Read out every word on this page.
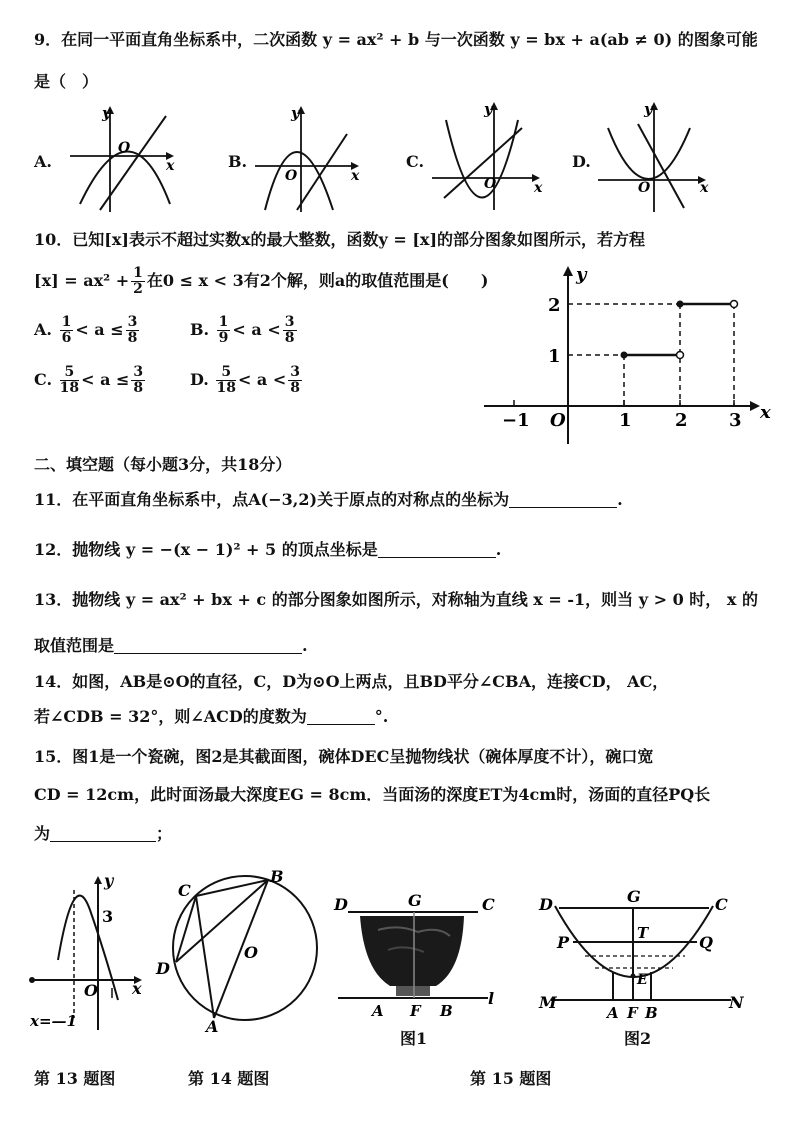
9．在同一平面直角坐标系中，二次函数 y = ax² + b 与一次函数 y = bx + a(ab ≠ 0) 的图象可能
是（　）
A.
y
O
x	B.
y
O	x
C.
y
O	x
D.
y
O	x
10．已知[x]表示不超过实数x的最大整数，函数y = [x]的部分图象如图所示，若方程
$[x] = ax^2 + \frac{1}{2}$ 在0 ≤ x < 3有2个解，则a的取值范围是(　　)
A. $\frac{1}{6} < a \le \frac{3}{8}$	B. $\frac{1}{9} < a < \frac{3}{8}$
C. $\frac{5}{18} < a \le \frac{3}{8}$	D. $\frac{5}{18} < a < \frac{3}{8}$
y
x
1
2
−1 O	1 2 3
二、填空题（每小题3分，共18分）
11．在平面直角坐标系中，点A(−3,2)关于原点的对称点的坐标为	.
12．抛物线 y = −(x − 1)² + 5 的顶点坐标是	.
13．抛物线 y = ax² + bx + c 的部分图象如图所示，对称轴为直线 x = -1，则当 y > 0 时， x 的
取值范围是	.
14．如图，AB是⊙O的直径，C，D为⊙O上两点，且BD平分∠CBA，连接CD， AC，
若∠CDB = 32°，则∠ACD的度数为	°.
15．图1是一个瓷碗，图2是其截面图，碗体DEC呈抛物线状（碗体厚度不计），碗口宽
CD = 12cm，此时面汤最大深度EG = 8cm．当面汤的深度ET为4cm时，汤面的直径PQ长
为	；
y
3
O x
x=—1
C
B
D
O
A
D	G	C
A F B
l
图1
D	G	C
P	T	Q
E
M	N
A F B
图2
第 13 题图	第 14 题图	第 15 题图
